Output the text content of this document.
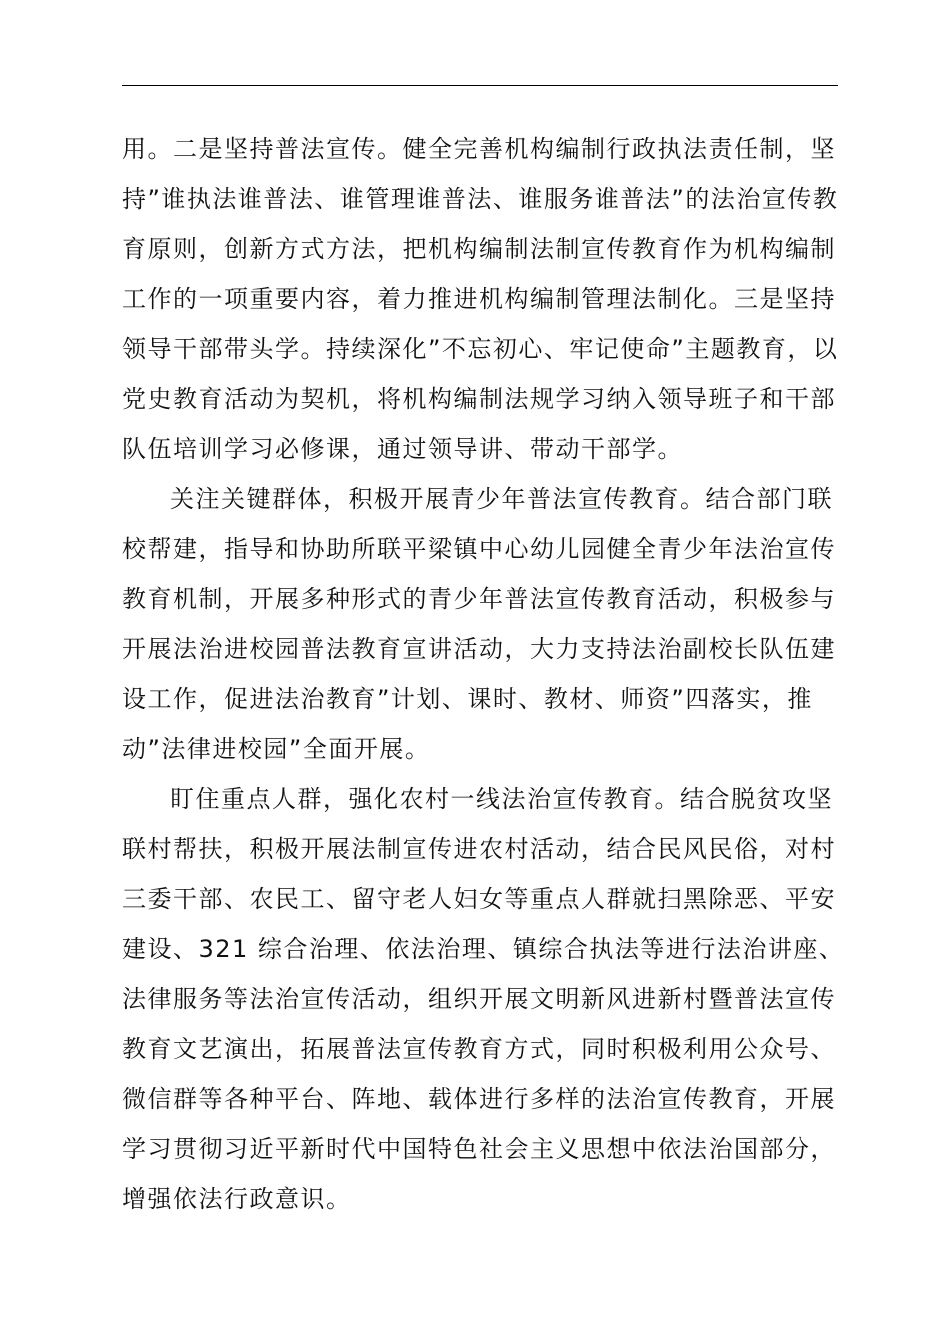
用。二是坚持普法宣传。健全完善机构编制行政执法责任制，坚
持”谁执法谁普法、谁管理谁普法、谁服务谁普法”的法治宣传教
育原则，创新方式方法，把机构编制法制宣传教育作为机构编制
工作的一项重要内容，着力推进机构编制管理法制化。三是坚持
领导干部带头学。持续深化”不忘初心、牢记使命”主题教育，以
党史教育活动为契机，将机构编制法规学习纳入领导班子和干部
队伍培训学习必修课，通过领导讲、带动干部学。
关注关键群体，积极开展青少年普法宣传教育。结合部门联
校帮建，指导和协助所联平梁镇中心幼儿园健全青少年法治宣传
教育机制，开展多种形式的青少年普法宣传教育活动，积极参与
开展法治进校园普法教育宣讲活动，大力支持法治副校长队伍建
设工作，促进法治教育”计划、课时、教材、师资”四落实，推
动”法律进校园”全面开展。
盯住重点人群，强化农村一线法治宣传教育。结合脱贫攻坚
联村帮扶，积极开展法制宣传进农村活动，结合民风民俗，对村
三委干部、农民工、留守老人妇女等重点人群就扫黑除恶、平安
建设、321 综合治理、依法治理、镇综合执法等进行法治讲座、
法律服务等法治宣传活动，组织开展文明新风进新村暨普法宣传
教育文艺演出，拓展普法宣传教育方式，同时积极利用公众号、
微信群等各种平台、阵地、载体进行多样的法治宣传教育，开展
学习贯彻习近平新时代中国特色社会主义思想中依法治国部分，
增强依法行政意识。
